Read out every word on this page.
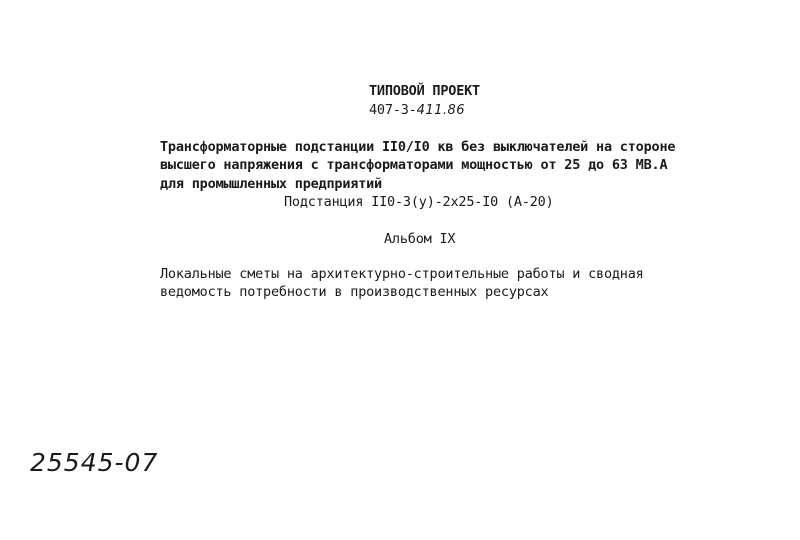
ТИПОВОЙ ПРОЕКТ
407-3-411.86
Трансформаторные подстанции II0/I0 кв без выключателей на стороне
высшего напряжения с трансформаторами мощностью от 25 до 63 МВ.А
для промышленных предприятий
Подстанция II0-3(у)-2х25-I0 (А-20)
Альбом IX
Локальные сметы на архитектурно-строительные работы и сводная
ведомость потребности в производственных ресурсах
25545-07
